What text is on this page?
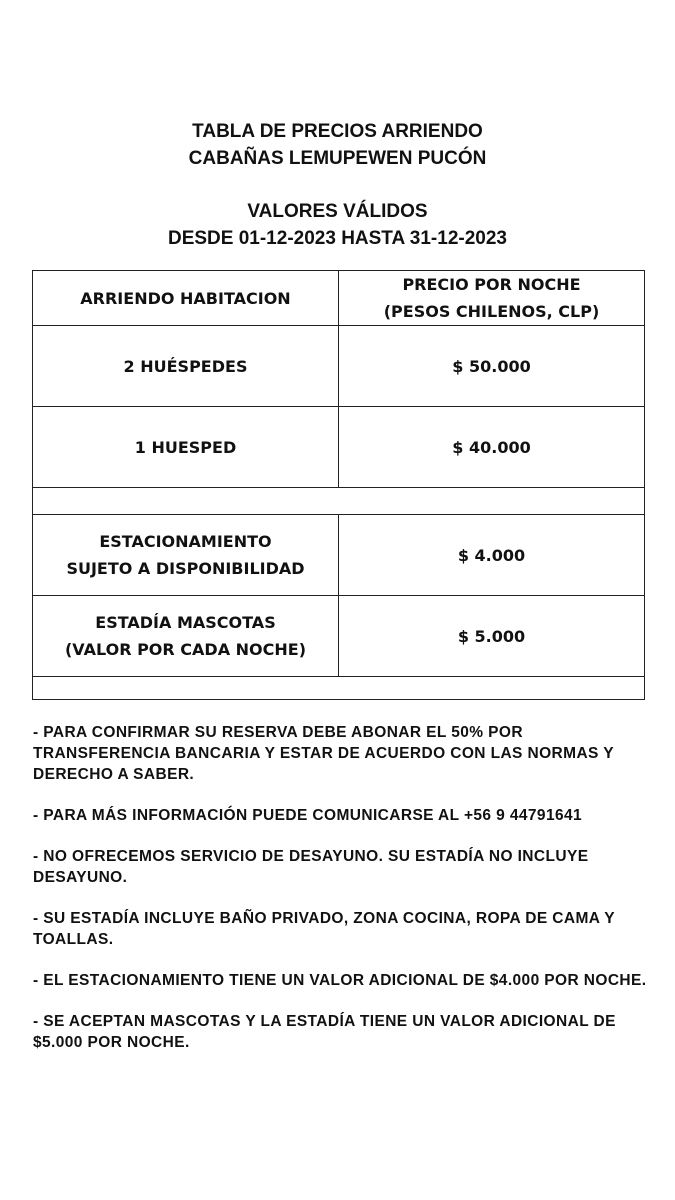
TABLA DE PRECIOS ARRIENDO
CABAÑAS LEMUPEWEN PUCÓN
VALORES VÁLIDOS
DESDE 01-12-2023 HASTA 31-12-2023
ARRIENDO HABITACION	PRECIO POR NOCHE
(PESOS CHILENOS, CLP)

2 HUÉSPEDES	$ 50.000

1 HUESPED	$ 40.000

ESTACIONAMIENTO
SUJETO A DISPONIBILIDAD	$ 4.000

ESTADÍA MASCOTAS
(VALOR POR CADA NOCHE)	$ 5.000

- PARA CONFIRMAR SU RESERVA DEBE ABONAR EL 50% POR TRANSFERENCIA BANCARIA Y ESTAR DE ACUERDO CON LAS NORMAS Y DERECHO A SABER.

- PARA MÁS INFORMACIÓN PUEDE COMUNICARSE AL +56 9 44791641

- NO OFRECEMOS SERVICIO DE DESAYUNO. SU ESTADÍA NO INCLUYE DESAYUNO.

- SU ESTADÍA INCLUYE BAÑO PRIVADO, ZONA COCINA, ROPA DE CAMA Y TOALLAS.

- EL ESTACIONAMIENTO TIENE UN VALOR ADICIONAL DE $4.000 POR NOCHE.

- SE ACEPTAN MASCOTAS Y LA ESTADÍA TIENE UN VALOR ADICIONAL DE $5.000 POR NOCHE.
